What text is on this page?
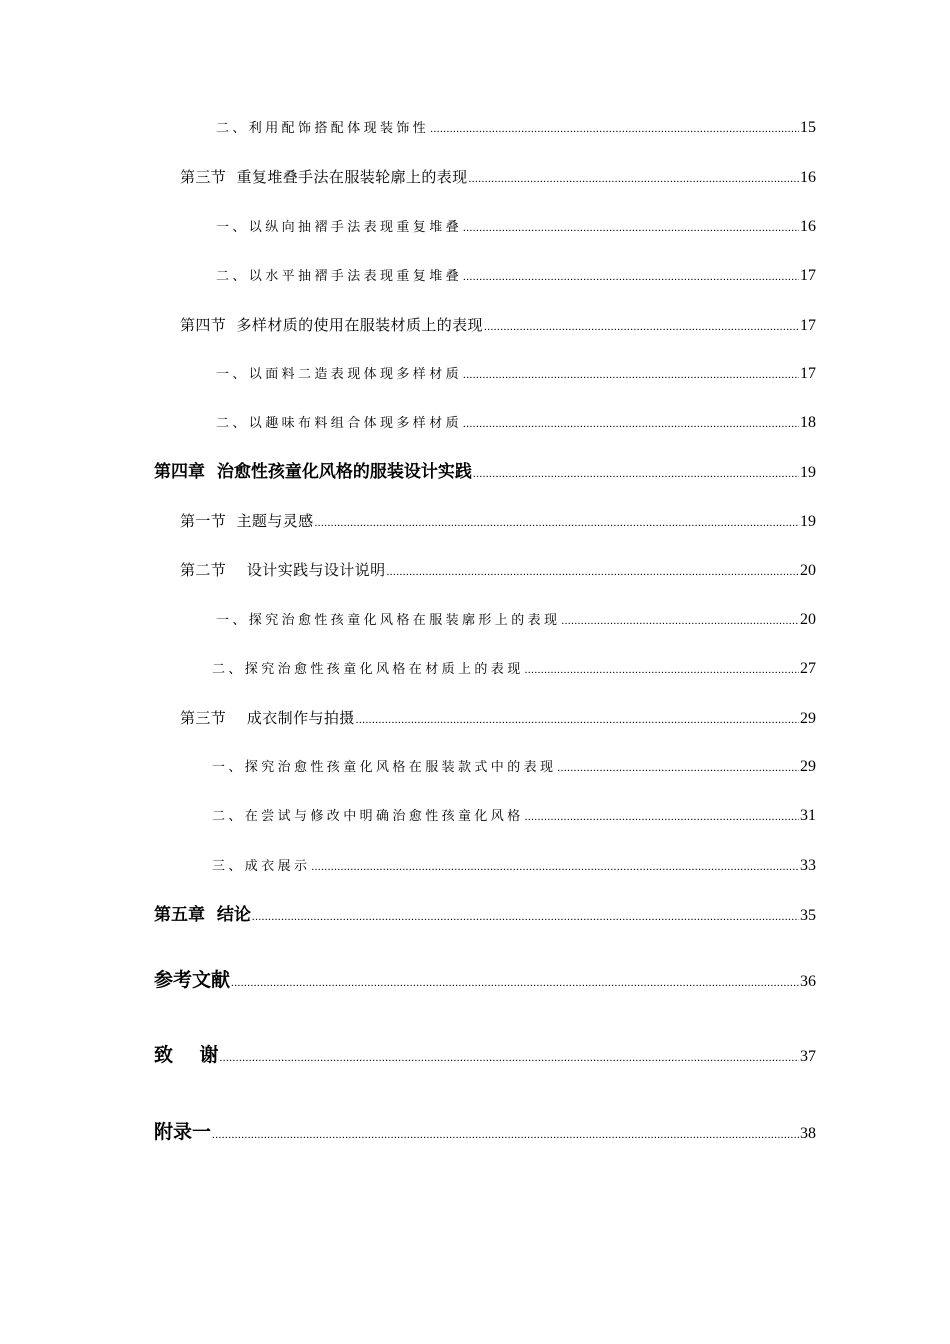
二、利用配饰搭配体现装饰性 .....	15
第三节  重复堆叠手法在服装轮廓上的表现 .....	16
一、以纵向抽褶手法表现重复堆叠 .....	16
二、以水平抽褶手法表现重复堆叠 .....	17
第四节  多样材质的使用在服装材质上的表现 .....	17
一、以面料二造表现体现多样材质 .....	17
二、以趣味布料组合体现多样材质 .....	18
第四章  治愈性孩童化风格的服装设计实践 .....	19
第一节  主题与灵感 .....	19
第二节    设计实践与设计说明 .....	20
一、探究治愈性孩童化风格在服装廓形上的表现 .....	20
二、探究治愈性孩童化风格在材质上的表现 .....	27
第三节    成衣制作与拍摄 .....	29
一、探究治愈性孩童化风格在服装款式中的表现 .....	29
二、在尝试与修改中明确治愈性孩童化风格 .....	31
三、成衣展示 .....	33
第五章  结论 .....	35
参考文献 .....	36
致    谢 .....	37
附录一 .....	38
